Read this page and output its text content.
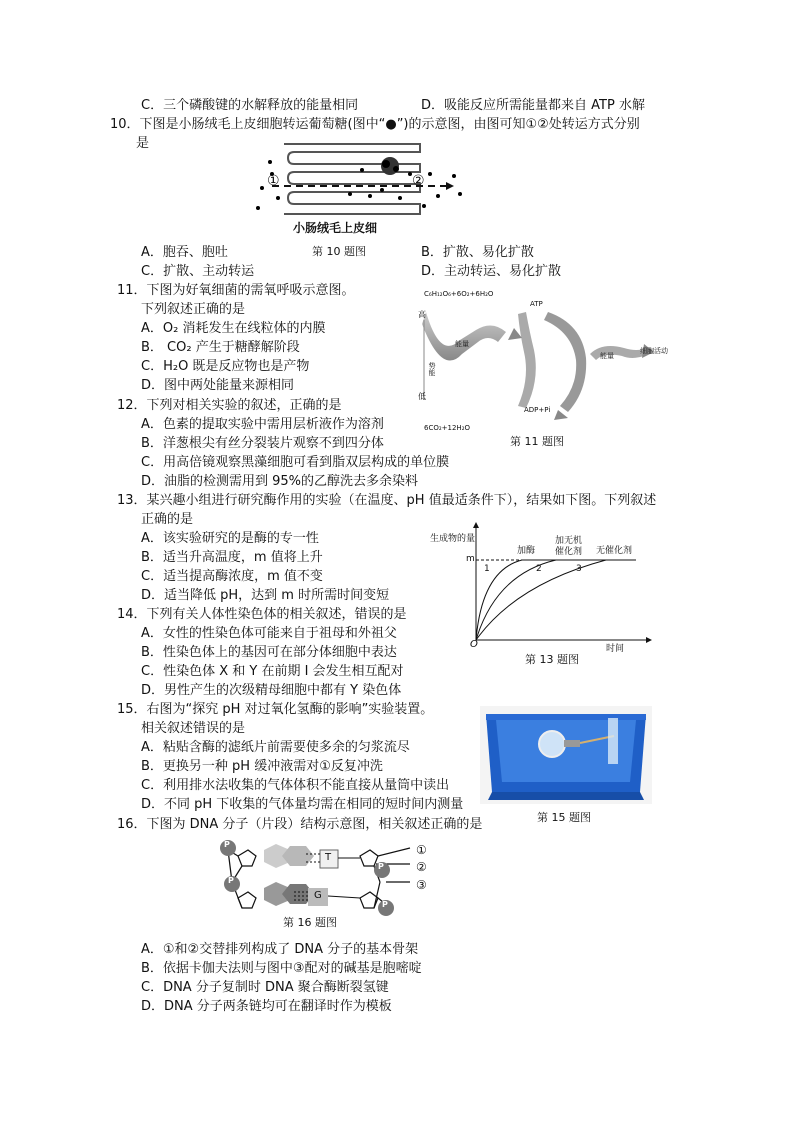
C．三个磷酸键的水解释放的能量相同	D．吸能反应所需能量都来自 ATP 水解
10．下图是小肠绒毛上皮细胞转运葡萄糖(图中“●”)的示意图，由图可知①②处转运方式分别
是
①	②
小肠绒毛上皮细
第 10 题图
A．胞吞、胞吐	B．扩散、易化扩散
C．扩散、主动转运	D．主动转运、易化扩散
11．下图为好氧细菌的需氧呼吸示意图。
下列叙述正确的是
A．O₂ 消耗发生在线粒体的内膜
B． CO₂ 产生于糖酵解阶段
C．H₂O 既是反应物也是产物
D．图中两处能量来源相同
C₆H₁₂O₆+6O₂+6H₂O
ATP
高
势能
能量
能量
细胞活动
低
ADP+Pi
6CO₂+12H₂O
第 11 题图
12．下列对相关实验的叙述，正确的是
A．色素的提取实验中需用层析液作为溶剂
B．洋葱根尖有丝分裂装片观察不到四分体
C．用高倍镜观察黑藻细胞可看到脂双层构成的单位膜
D．油脂的检测需用到 95%的乙醇洗去多余染料
13．某兴趣小组进行研究酶作用的实验（在温度、pH 值最适条件下），结果如下图。下列叙述
正确的是
A．该实验研究的是酶的专一性
B．适当升高温度，m 值将上升
C．适当提高酶浓度，m 值不变
D．适当降低 pH，达到 m 时所需时间变短
生成物的量
m
加酶
加无机
催化剂 无催化剂
1	2	3
O	时间
第 13 题图
14．下列有关人体性染色体的相关叙述，错误的是
A．女性的性染色体可能来自于祖母和外祖父
B．性染色体上的基因可在部分体细胞中表达
C．性染色体 X 和 Y 在前期 I 会发生相互配对
D．男性产生的次级精母细胞中都有 Y 染色体
15．右图为“探究 pH 对过氧化氢酶的影响”实验装置。
相关叙述错误的是
A．粘贴含酶的滤纸片前需要使多余的匀浆流尽
B．更换另一种 pH 缓冲液需对①反复冲洗
C．利用排水法收集的气体体积不能直接从量筒中读出
D．不同 pH 下收集的气体量均需在相同的短时间内测量
第 15 题图
16．下图为 DNA 分子（片段）结构示意图，相关叙述正确的是
P
P
P
P
T
G
①
②
③
第 16 题图
A．①和②交替排列构成了 DNA 分子的基本骨架
B．依据卡伽夫法则与图中③配对的碱基是胞嘧啶
C．DNA 分子复制时 DNA 聚合酶断裂氢键
D．DNA 分子两条链均可在翻译时作为模板
